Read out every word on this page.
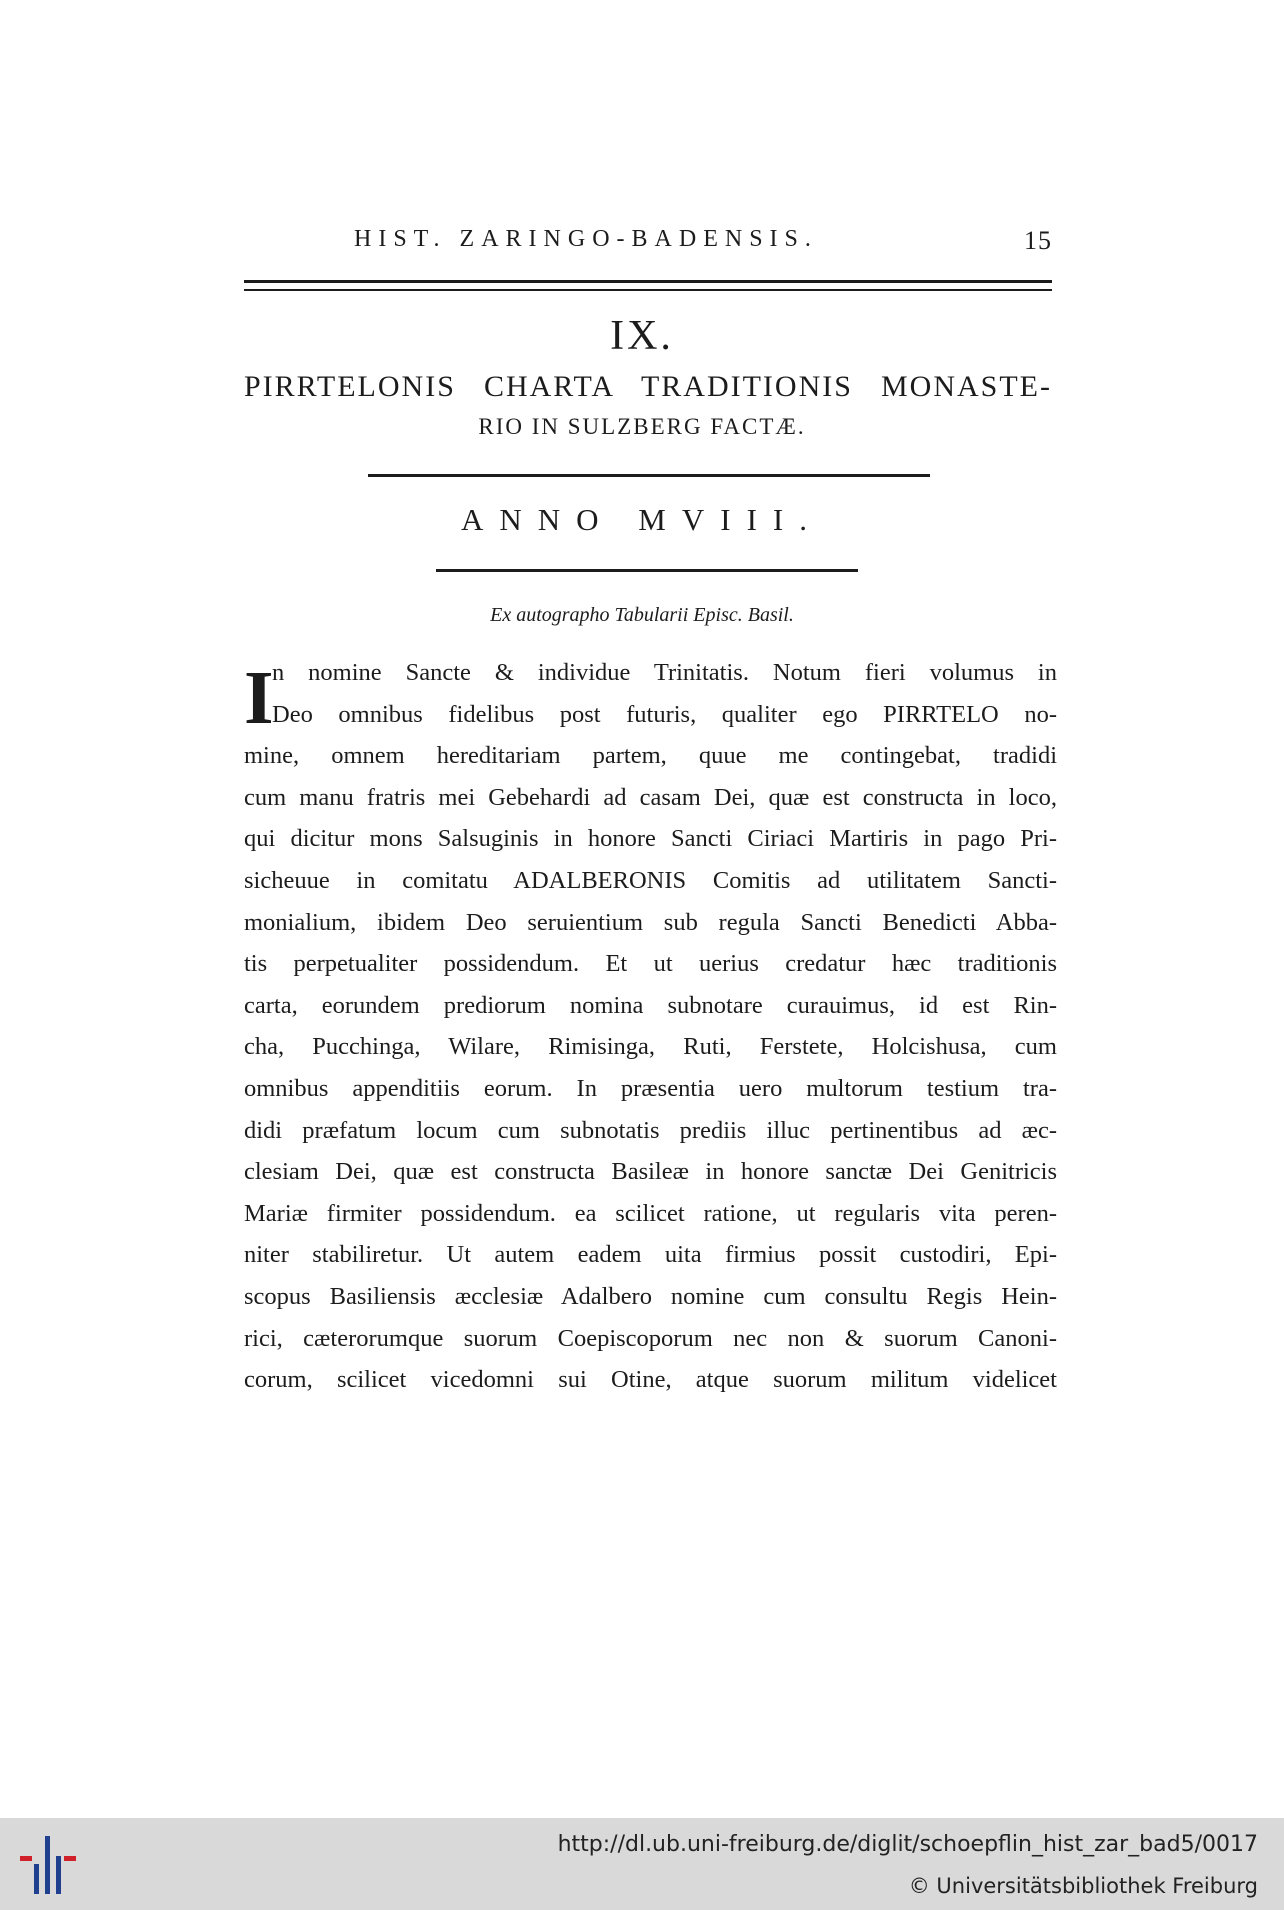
HIST. ZARINGO-BADENSIS.	15
IX.
PIRRTELONIS CHARTA TRADITIONIS MONASTE-
RIO IN SULZBERG FACTÆ.
ANNO MVIII.
Ex autographo Tabularii Episc. Basil.
I
n nomine Sancte & individue Trinitatis. Notum fieri volumus in
Deo omnibus fidelibus post futuris, qualiter ego PIRRTELO no-
mine, omnem hereditariam partem, quue me contingebat, tradidi
cum manu fratris mei Gebehardi ad casam Dei, quæ est constructa in loco,
qui dicitur mons Salsuginis in honore Sancti Ciriaci Martiris in pago Pri-
sicheuue in comitatu ADALBERONIS Comitis ad utilitatem Sancti-
monialium, ibidem Deo seruientium sub regula Sancti Benedicti Abba-
tis perpetualiter possidendum. Et ut uerius credatur hæc traditionis
carta, eorundem prediorum nomina subnotare curauimus, id est Rin-
cha, Pucchinga, Wilare, Rimisinga, Ruti, Ferstete, Holcishusa, cum
omnibus appenditiis eorum. In præsentia uero multorum testium tra-
didi præfatum locum cum subnotatis prediis illuc pertinentibus ad æc-
clesiam Dei, quæ est constructa Basileæ in honore sanctæ Dei Genitricis
Mariæ firmiter possidendum. ea scilicet ratione, ut regularis vita peren-
niter stabiliretur. Ut autem eadem uita firmius possit custodiri, Epi-
scopus Basiliensis æcclesiæ Adalbero nomine cum consultu Regis Hein-
rici, cæterorumque suorum Coepiscoporum nec non & suorum Canoni-
corum, scilicet vicedomni sui Otine, atque suorum militum videlicet
http://dl.ub.uni-freiburg.de/diglit/schoepflin_hist_zar_bad5/0017
© Universitätsbibliothek Freiburg
